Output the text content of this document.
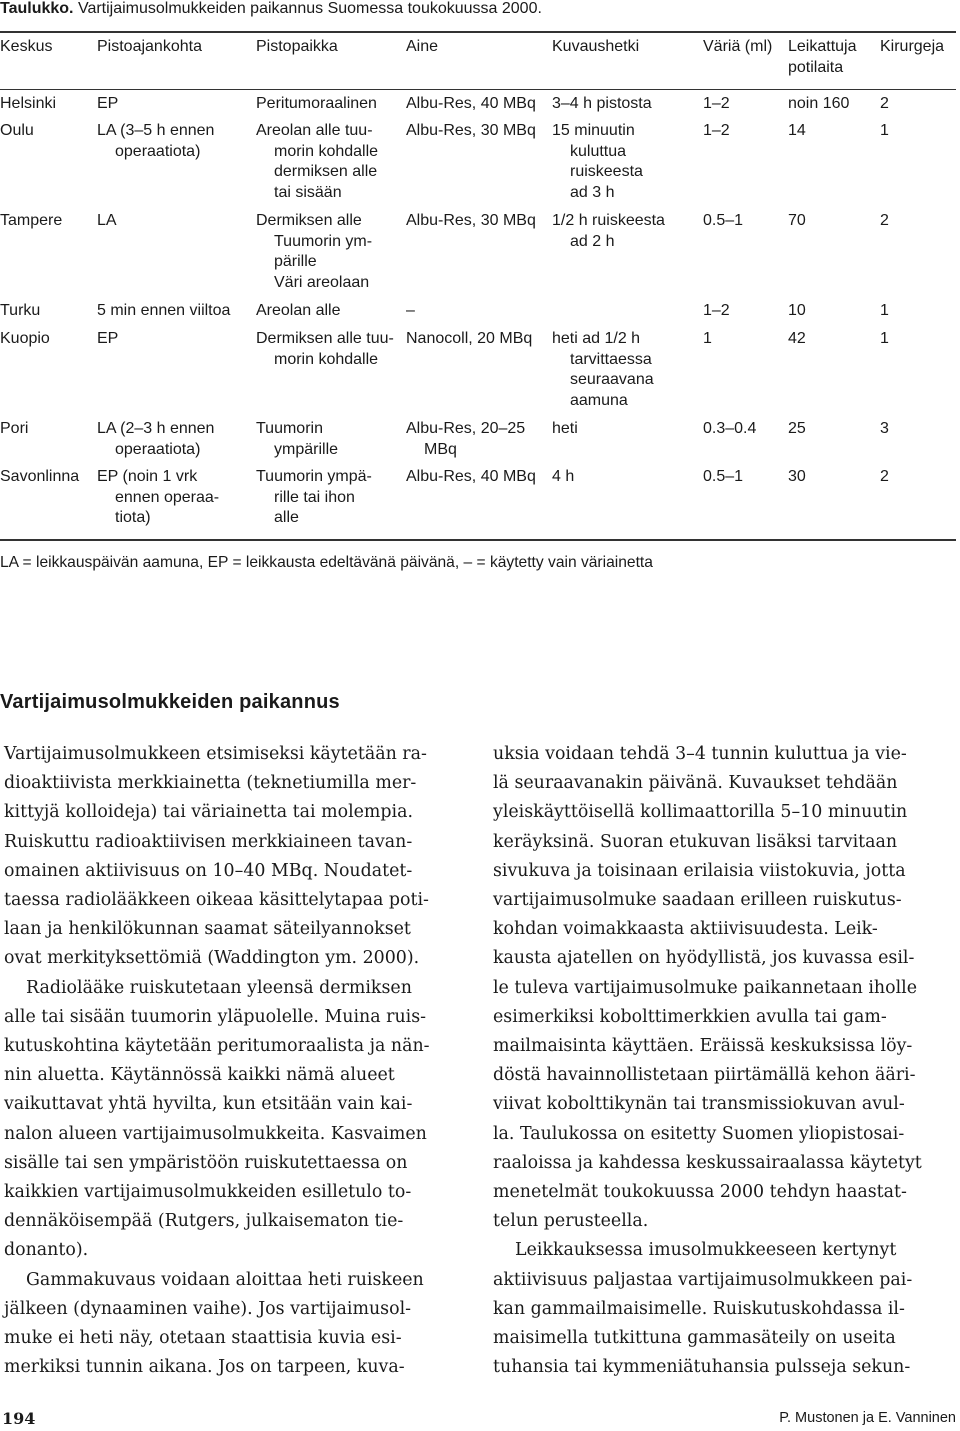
Taulukko. Vartijaimusolmukkeiden paikannus Suomessa toukokuussa 2000.
Keskus	Pistoajankohta	Pistopaikka	Aine	Kuvaushetki	Väriä (ml)	Leikattuja
potilaita	Kirurgeja
Helsinki	EP	Peritumoraalinen	Albu-Res, 40 MBq	3–4 h pistosta	1–2	noin 160	2
Oulu	LA (3–5 h ennen
operaatiota)	Areolan alle tuu-
morin kohdalle
dermiksen alle
tai sisään	Albu-Res, 30 MBq	15 minuutin
kuluttua
ruiskeesta
ad 3 h	1–2	14	1
Tampere	LA	Dermiksen alle
Tuumorin ym-
pärille
Väri areolaan	Albu-Res, 30 MBq	1/2 h ruiskeesta
ad 2 h	0.5–1	70	2
Turku	5 min ennen viiltoa	Areolan alle	–		1–2	10	1
Kuopio	EP	Dermiksen alle tuu-
morin kohdalle	Nanocoll, 20 MBq	heti ad 1/2 h
tarvittaessa
seuraavana
aamuna	1	42	1
Pori	LA (2–3 h ennen
operaatiota)	Tuumorin
ympärille	Albu-Res, 20–25
MBq	heti	0.3–0.4	25	3
Savonlinna	EP (noin 1 vrk
ennen operaa-
tiota)	Tuumorin ympä-
rille tai ihon
alle	Albu-Res, 40 MBq	4 h	0.5–1	30	2
LA = leikkauspäivän aamuna, EP = leikkausta edeltävänä päivänä, – = käytetty vain väriainetta
Vartijaimusolmukkeiden paikannus

Vartijaimusolmukkeen etsimiseksi käytetään ra-
dioaktiivista merkkiainetta (teknetiumilla mer-
kittyjä kolloideja) tai väriainetta tai molempia.
Ruiskuttu radioaktiivisen merkkiaineen tavan-
omainen aktiivisuus on 10–40 MBq. Noudatet-
taessa radiolääkkeen oikeaa käsittelytapaa poti-
laan ja henkilökunnan saamat säteilyannokset
ovat merkityksettömiä (Waddington ym. 2000).

Radiolääke ruiskutetaan yleensä dermiksen
alle tai sisään tuumorin yläpuolelle. Muina ruis-
kutuskohtina käytetään peritumoraalista ja nän-
nin aluetta. Käytännössä kaikki nämä alueet
vaikuttavat yhtä hyvilta, kun etsitään vain kai-
nalon alueen vartijaimusolmukkeita. Kasvaimen
sisälle tai sen ympäristöön ruiskutettaessa on
kaikkien vartijaimusolmukkeiden esilletulo to-
dennäköisempää (Rutgers, julkaisematon tie-
donanto).

Gammakuvaus voidaan aloittaa heti ruiskeen
jälkeen (dynaaminen vaihe). Jos vartijaimusol-
muke ei heti näy, otetaan staattisia kuvia esi-
merkiksi tunnin aikana. Jos on tarpeen, kuva-

uksia voidaan tehdä 3–4 tunnin kuluttua ja vie-
lä seuraavanakin päivänä. Kuvaukset tehdään
yleiskäyttöisellä kollimaattorilla 5–10 minuutin
keräyksinä. Suoran etukuvan lisäksi tarvitaan
sivukuva ja toisinaan erilaisia viistokuvia, jotta
vartijaimusolmuke saadaan erilleen ruiskutus-
kohdan voimakkaasta aktiivisuudesta. Leik-
kausta ajatellen on hyödyllistä, jos kuvassa esil-
le tuleva vartijaimusolmuke paikannetaan iholle
esimerkiksi kobolttimerkkien avulla tai gam-
mailmaisinta käyttäen. Eräissä keskuksissa löy-
döstä havainnollistetaan piirtämällä kehon ääri-
viivat kobolttikynän tai transmissiokuvan avul-
la. Taulukossa on esitetty Suomen yliopistosai-
raaloissa ja kahdessa keskussairaalassa käytetyt
menetelmät toukokuussa 2000 tehdyn haastat-
telun perusteella.

Leikkauksessa imusolmukkeeseen kertynyt
aktiivisuus paljastaa vartijaimusolmukkeen pai-
kan gammailmaisimelle. Ruiskutuskohdassa il-
maisimella tutkittuna gammasäteily on useita
tuhansia tai kymmeniätuhansia pulsseja sekun-

194	P. Mustonen ja E. Vanninen
